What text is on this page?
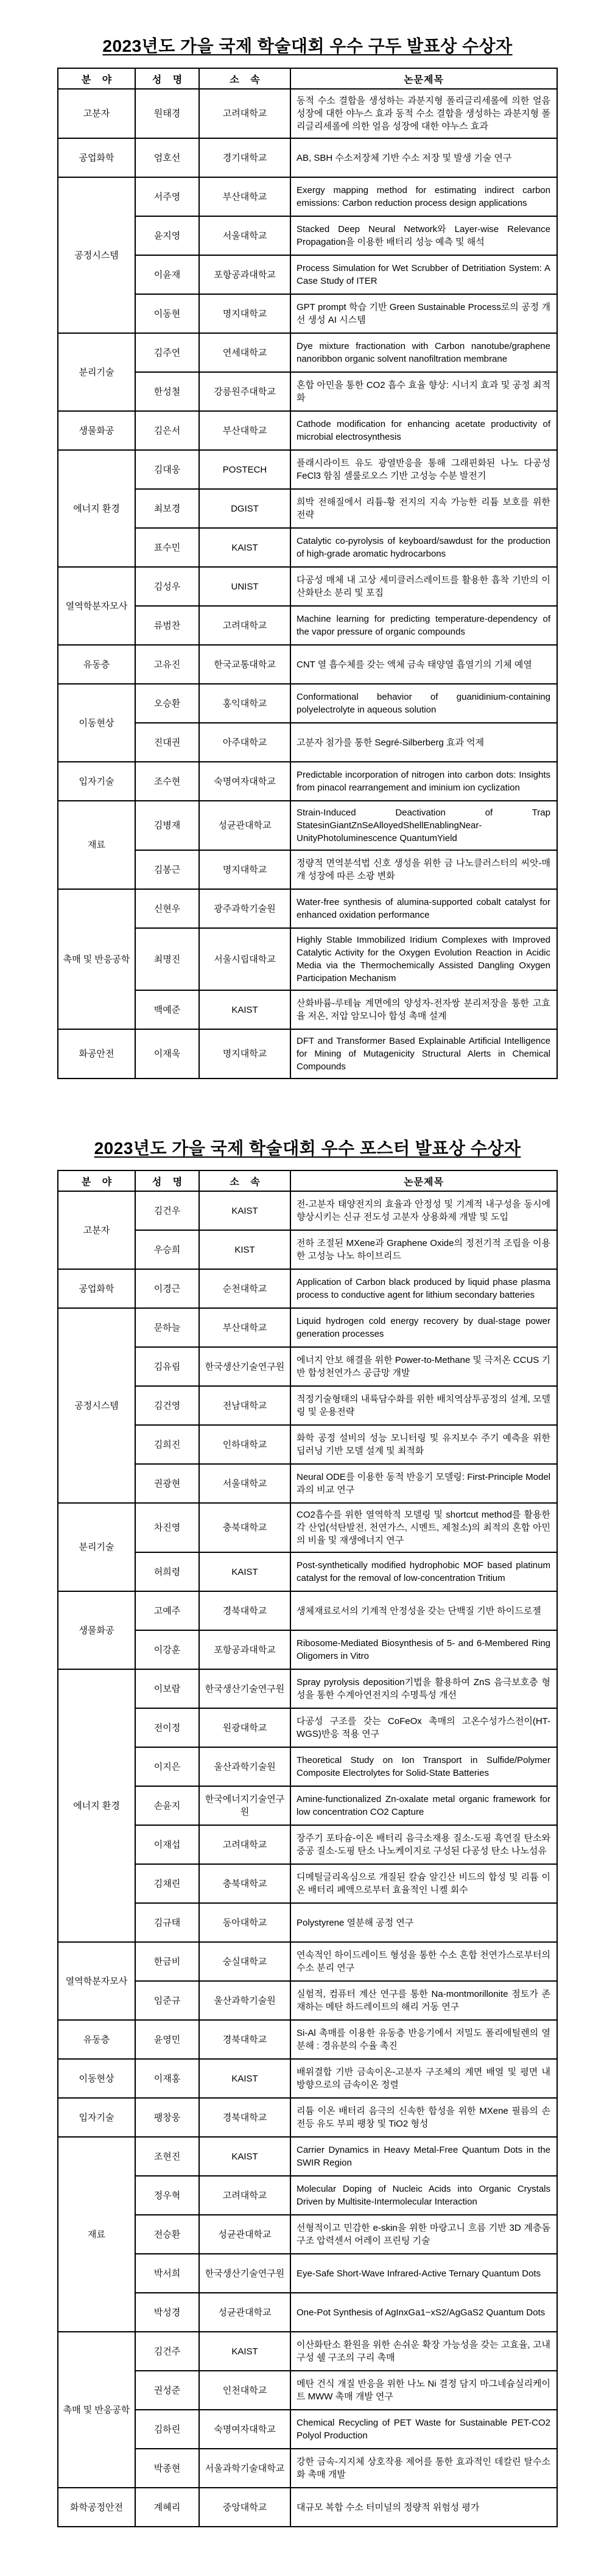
2023년도 가을 국제 학술대회 우수 구두 발표상 수상자
분 야	성 명	소 속	논문제목
고분자	원태경	고려대학교	동적 수소 결합을 생성하는 과분지형 폴리글리세롤에 의한 얼음 성장에 대한 야누스 효과 동적 수소 결합을 생성하는 과분지형 폴리글리세롤에 의한 얼음 성장에 대한 야누스 효과
공업화학	엄호선	경기대학교	AB, SBH 수소저장체 기반 수소 저장 및 발생 기술 연구
공정시스템	서주영	부산대학교	Exergy mapping method for estimating indirect carbon emissions: Carbon reduction process design applications
	윤지영	서울대학교	Stacked Deep Neural Network와 Layer-wise Relevance Propagation을 이용한 배터리 성능 예측 및 해석
	이윤재	포항공과대학교	Process Simulation for Wet Scrubber of Detritiation System: A Case Study of ITER
	이동현	명지대학교	GPT prompt 학습 기반 Green Sustainable Process로의 공정 개선 생성 AI 시스템
분리기술	김주연	연세대학교	Dye mixture fractionation with Carbon nanotube/graphene nanoribbon organic solvent nanofiltration membrane
	한성철	강릉원주대학교	혼합 아민을 통한 CO2 흡수 효율 향상: 시너지 효과 및 공정 최적화
생물화공	김은서	부산대학교	Cathode modification for enhancing acetate productivity of microbial electrosynthesis
에너지 환경	김대웅	POSTECH	플래시라이트 유도 광열반응을 통해 그래핀화된 나노 다공성 FeCl3 함침 셀룰로오스 기반 고성능 수분 발전기
	최보경	DGIST	희박 전해질에서 리튬-황 전지의 지속 가능한 리튬 보호를 위한 전략
	표수민	KAIST	Catalytic co-pyrolysis of keyboard/sawdust for the production of high-grade aromatic hydrocarbons
열역학분자모사	김성우	UNIST	다공성 매체 내 고상 세미클러스레이트를 활용한 흡착 기반의 이산화탄소 분리 및 포집
	류범찬	고려대학교	Machine learning for predicting temperature-dependency of the vapor pressure of organic compounds
유동층	고유진	한국교통대학교	CNT 열 흡수체를 갖는 액체 금속 태양열 흡열기의 기체 예열
이동현상	오승환	홍익대학교	Conformational behavior of guanidinium-containing polyelectrolyte in aqueous solution
	진대권	아주대학교	고분자 첨가를 통한 Segré-Silberberg 효과 억제
입자기술	조수현	숙명여자대학교	Predictable incorporation of nitrogen into carbon dots: Insights from pinacol rearrangement and iminium ion cyclization
재료	김병재	성균관대학교	Strain-Induced Deactivation of Trap StatesinGiantZnSeAlloyedShellEnablingNear-UnityPhotoluminescence QuantumYield
	김봉근	명지대학교	정량적 면역분석법 신호 생성을 위한 금 나노클러스터의 씨앗-매개 성장에 따른 소광 변화
촉매 및 반응공학	신현우	광주과학기술원	Water-free synthesis of alumina-supported cobalt catalyst for enhanced oxidation performance
	최명진	서울시립대학교	Highly Stable Immobilized Iridium Complexes with Improved Catalytic Activity for the Oxygen Evolution Reaction in Acidic Media via the Thermochemically Assisted Dangling Oxygen Participation Mechanism
	백예준	KAIST	산화바륨-루테늄 계면에의 양성자-전자쌍 분리저장을 통한 고효율 저온, 저압 암모니아 합성 촉매 설계
화공안전	이재욱	명지대학교	DFT and Transformer Based Explainable Artificial Intelligence for Mining of Mutagenicity Structural Alerts in Chemical Compounds
2023년도 가을 국제 학술대회 우수 포스터 발표상 수상자
분 야	성 명	소 속	논문제목
고분자	김건우	KAIST	전-고분자 태양전지의 효율과 안정성 및 기계적 내구성을 동시에 향상시키는 신규 전도성 고분자 상용화제 개발 및 도입
	우승희	KIST	전하 조절된 MXene과 Graphene Oxide의 정전기적 조립을 이용한 고성능 나노 하이브리드
공업화학	이경근	순천대학교	Application of Carbon black produced by liquid phase plasma process to conductive agent for lithium secondary batteries
공정시스템	문하늘	부산대학교	Liquid hydrogen cold energy recovery by dual-stage power generation processes
	김유림	한국생산기술연구원	에너지 안보 해결을 위한 Power-to-Methane 및 극저온 CCUS 기반 합성천연가스 공급망 개발
	김건영	전남대학교	적정기술형태의 내륙담수화를 위한 배치역삼투공정의 설계, 모델링 및 운용전략
	김희진	인하대학교	화학 공정 설비의 성능 모니터링 및 유지보수 주기 예측을 위한 딥러닝 기반 모델 설계 및 최적화
	권광현	서울대학교	Neural ODE를 이용한 동적 반응기 모델링: First-Principle Model과의 비교 연구
분리기술	차진영	충북대학교	CO2흡수를 위한 열역학적 모델링 및 shortcut method를 활용한 각 산업(석탄발전, 천연가스, 시멘트, 제철소)의 최적의 혼합 아민의 비율 및 재생에너지 연구
	허희령	KAIST	Post-synthetically modified hydrophobic MOF based platinum catalyst for the removal of low-concentration Tritium
생물화공	고예주	경북대학교	생체재료로서의 기계적 안정성을 갖는 단백질 기반 하이드로젤
	이강훈	포항공과대학교	Ribosome-Mediated Biosynthesis of 5- and 6-Membered Ring Oligomers in Vitro
에너지 환경	이보람	한국생산기술연구원	Spray pyrolysis deposition기법을 활용하여 ZnS 음극보호층 형성을 통한 수계아연전지의 수명특성 개선
	전이정	원광대학교	다공성 구조를 갖는 CoFeOx 촉매의 고온수성가스전이(HT-WGS)반응 적용 연구
	이지은	울산과학기술원	Theoretical Study on Ion Transport in Sulfide/Polymer Composite Electrolytes for Solid-State Batteries
	손윤지	한국에너지기술연구원	Amine-functionalized Zn-oxalate metal organic framework for low concentration CO2 Capture
	이재섭	고려대학교	장주기 포타슘-이온 배터리 음극소재용 질소-도핑 흑연질 탄소와 중공 질소-도핑 탄소 나노케이지로 구성된 다공성 탄소 나노섬유
	김채린	충북대학교	디메틸글리옥심으로 개질된 칼슘 알긴산 비드의 합성 및 리튬 이온 배터리 폐액으로부터 효율적인 니켈 회수
	김규태	동아대학교	Polystyrene 열분해 공정 연구
열역학분자모사	한금비	숭실대학교	연속적인 하이드레이트 형성을 통한 수소 혼합 천연가스로부터의 수소 분리 연구
	임준규	울산과학기술원	실험적, 컴퓨터 계산 연구를 통한 Na-montmorillonite 점토가 존재하는 메탄 하드레이트의 해리 거동 연구
유동층	윤영민	경북대학교	Si-Al 촉매를 이용한 유동층 반응기에서 저밀도 폴리에틸렌의 열분해 : 경유분의 수율 촉진
이동현상	이재홍	KAIST	배위결합 기반 금속이온-고분자 구조체의 계면 배열 및 평면 내 방향으로의 금속이온 정렬
입자기술	팽창웅	경북대학교	리튬 이온 배터리 음극의 신속한 합성을 위한 MXene 필름의 손전등 유도 부피 팽창 및 TiO2 형성
재료	조현진	KAIST	Carrier Dynamics in Heavy Metal-Free Quantum Dots in the SWIR Region
	정우혁	고려대학교	Molecular Doping of Nucleic Acids into Organic Crystals Driven by Multisite-Intermolecular Interaction
	전승환	성균관대학교	선형적이고 민감한 e-skin을 위한 마랑고니 흐름 기반 3D 계층돔 구조 압력센서 어레이 프린팅 기술
	박서희	한국생산기술연구원	Eye-Safe Short-Wave Infrared-Active Ternary Quantum Dots
	박성경	성균관대학교	One-Pot Synthesis of AgInxGa1−xS2/AgGaS2 Quantum Dots
촉매 및 반응공학	김건주	KAIST	이산화탄소 환원을 위한 손쉬운 확장 가능성을 갖는 고효율, 고내구성 쉘 구조의 구리 촉매
	권성준	인천대학교	메탄 건식 개질 반응을 위한 나노 Ni 결정 담지 마그네슘실리케이트 MWW 촉매 개발 연구
	김하린	숙명여자대학교	Chemical Recycling of PET Waste for Sustainable PET-CO2 Polyol Production
	박종현	서울과학기술대학교	강한 금속-지지체 상호작용 제어를 통한 효과적인 데칼린 탈수소화 촉매 개발
화학공정안전	계혜리	중앙대학교	대규모 복합 수소 터미널의 정량적 위험성 평가
